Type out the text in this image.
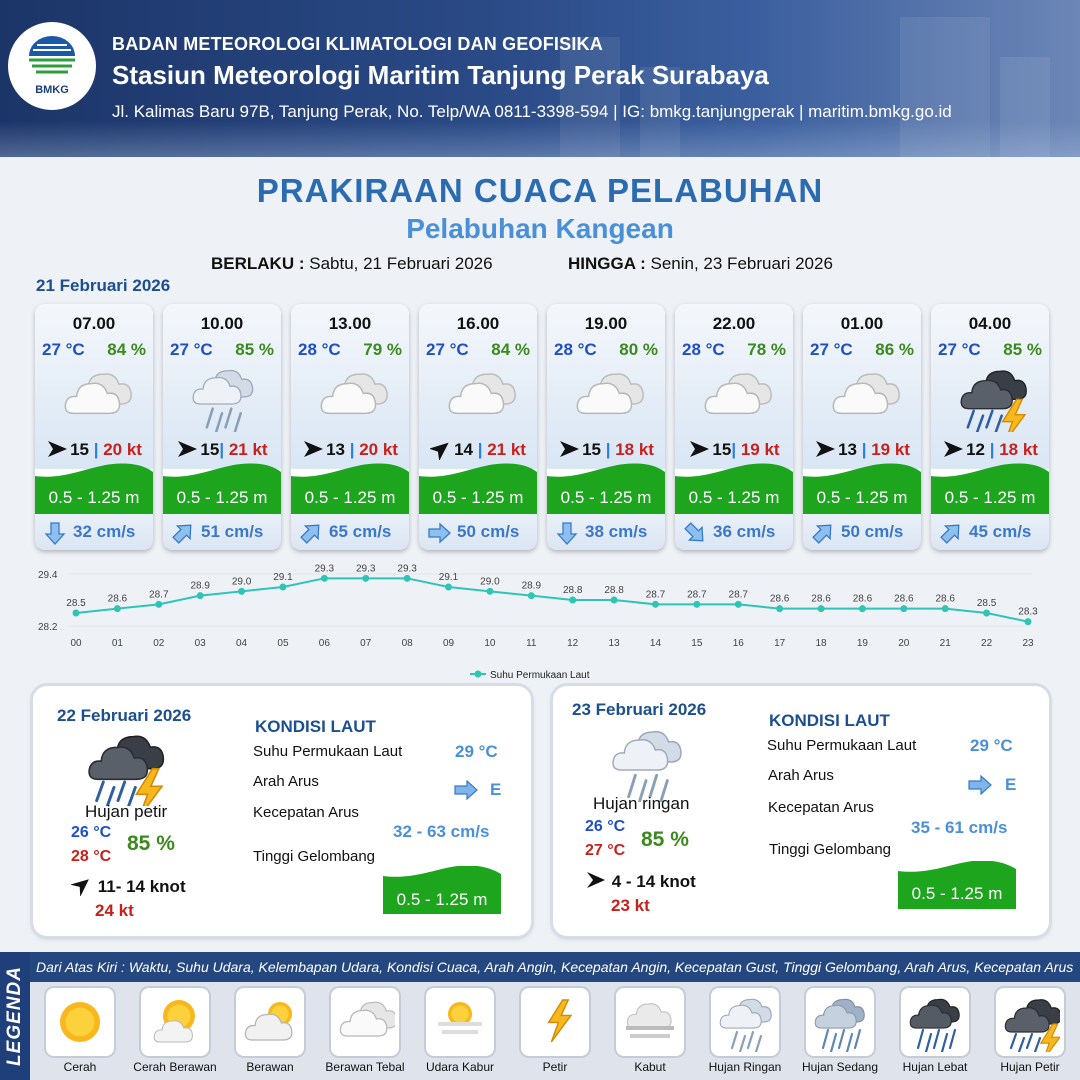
BMKG
BADAN METEOROLOGI KLIMATOLOGI DAN GEOFISIKA
Stasiun Meteorologi Maritim Tanjung Perak Surabaya
Jl. Kalimas Baru 97B, Tanjung Perak, No. Telp/WA 0811-3398-594 | IG: bmkg.tanjungperak | maritim.bmkg.go.id
PRAKIRAAN CUACA PELABUHAN
Pelabuhan Kangean
BERLAKU : Sabtu, 21 Februari 2026	HINGGA : Senin, 23 Februari 2026
21 Februari 2026
07.00
27 °C 84 %
15 | 20 kt
0.5 - 1.25 m
32 cm/s
10.00
27 °C 85 %
15| 21 kt
0.5 - 1.25 m
51 cm/s
13.00
28 °C 79 %
13 | 20 kt
0.5 - 1.25 m
65 cm/s
16.00
27 °C 84 %
14 | 21 kt
0.5 - 1.25 m
50 cm/s
19.00
28 °C 80 %
15 | 18 kt
0.5 - 1.25 m
38 cm/s
22.00
28 °C 78 %
15| 19 kt
0.5 - 1.25 m
36 cm/s
01.00
27 °C 86 %
13 | 19 kt
0.5 - 1.25 m
50 cm/s
04.00
27 °C 85 %
12 | 18 kt
0.5 - 1.25 m
45 cm/s
29.4
28.2
28.5
00
28.6
01
28.7
02
28.9
03
29.0
04
29.1
05
29.3
06
29.3
07
29.3
08
29.1
09
29.0
10
28.9
11
28.8
12
28.8
13
28.7
14
28.7
15
28.7
16
28.6
17
28.6
18
28.6
19
28.6
20
28.6
21
28.5
22
28.3
23
Suhu Permukaan Laut
22 Februari 2026
Hujan petir
26 °C
28 °C
85 %
11- 14 knot
24 kt
KONDISI LAUT
Suhu Permukaan Laut	29 °C
Arah Arus	E
Kecepatan Arus
32 - 63 cm/s
Tinggi Gelombang
0.5 - 1.25 m
23 Februari 2026
Hujan ringan
26 °C
27 °C 85 %
4 - 14 knot
23 kt
KONDISI LAUT
Suhu Permukaan Laut	29 °C
Arah Arus	E
Kecepatan Arus
35 - 61 cm/s
Tinggi Gelombang
0.5 - 1.25 m
LEGENDA Dari Atas Kiri : Waktu, Suhu Udara, Kelembapan Udara, Kondisi Cuaca, Arah Angin, Kecepatan Angin, Kecepatan Gust, Tinggi Gelombang, Arah Arus, Kecepatan Arus
Cerah	Cerah Berawan	Berawan	Berawan Tebal	Udara Kabur	Petir	Kabut	Hujan Ringan	Hujan Sedang	Hujan Lebat	Hujan Petir
